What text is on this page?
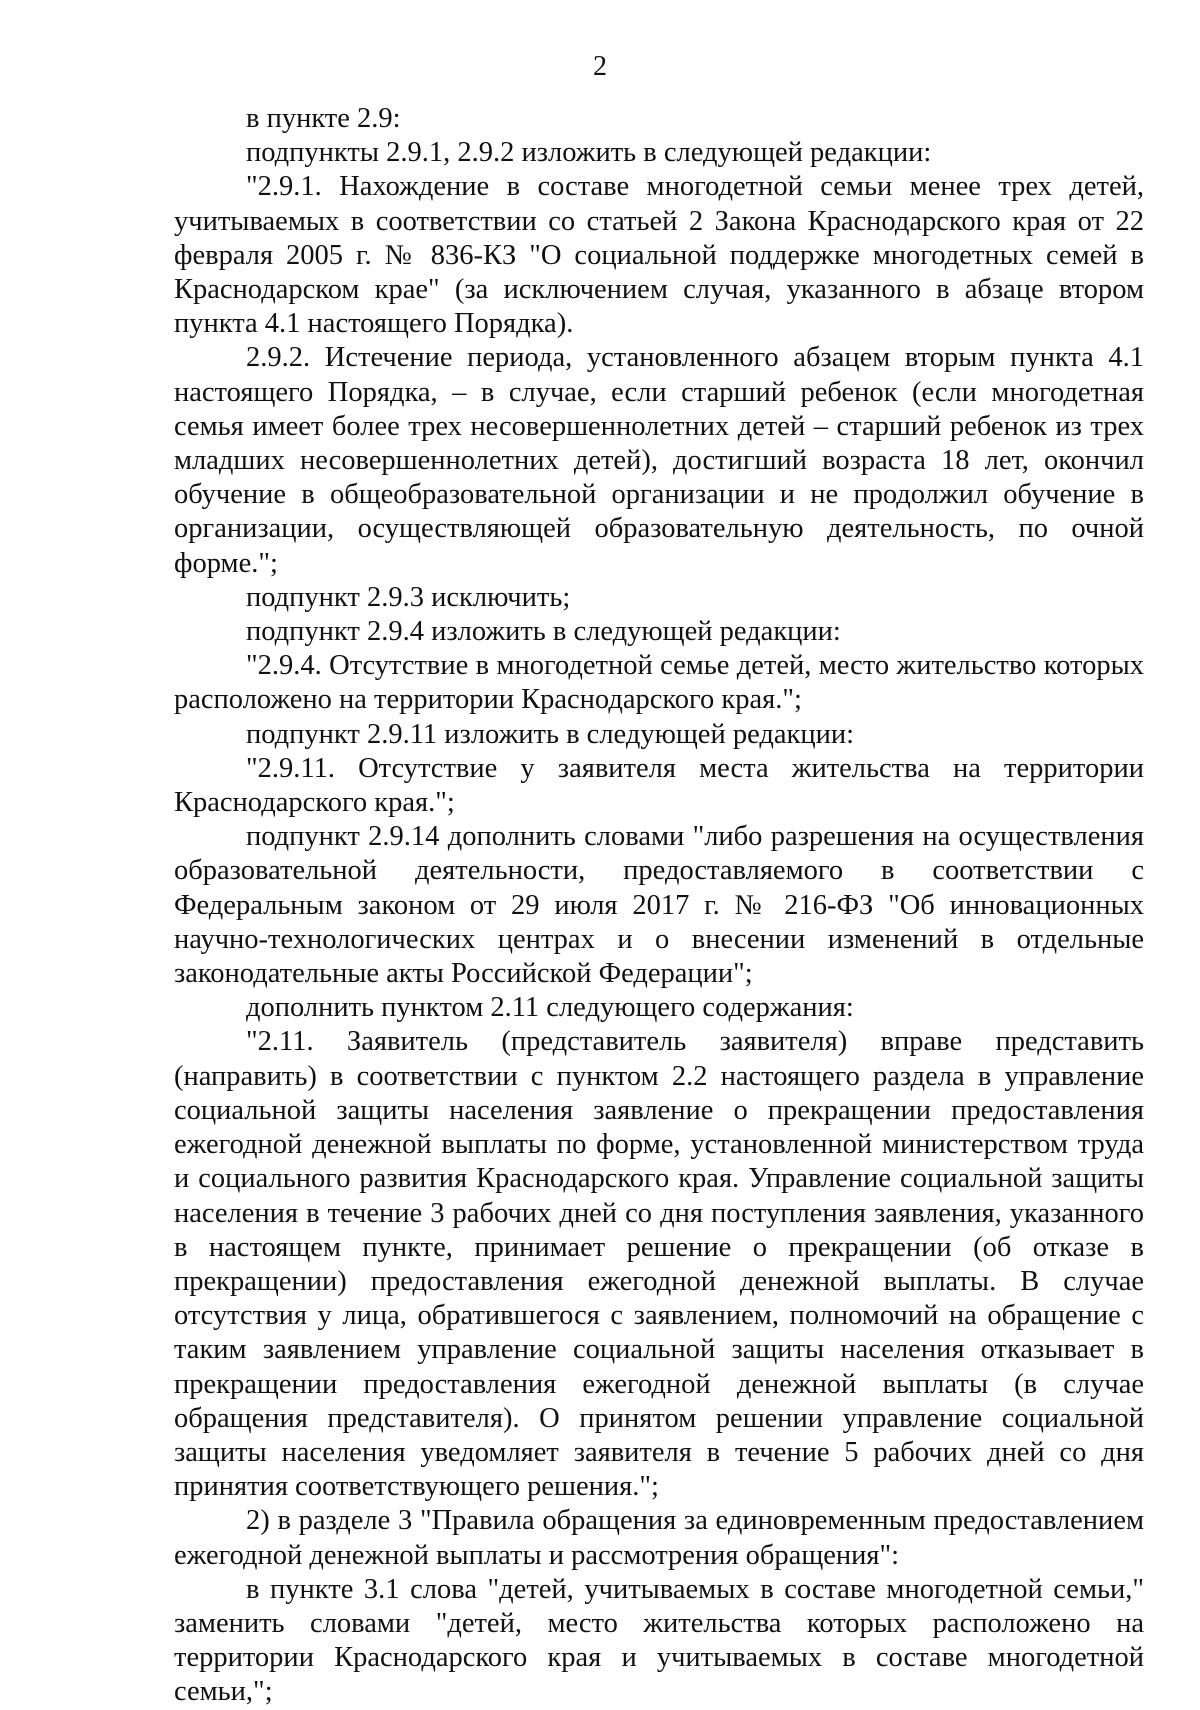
2

в пункте 2.9:

подпункты 2.9.1, 2.9.2 изложить в следующей редакции:

"2.9.1. Нахождение в составе многодетной семьи менее трех детей, учитываемых в соответствии со статьей 2 Закона Краснодарского края от 22 февраля 2005 г. № 836-КЗ "О социальной поддержке многодетных семей в Краснодарском крае" (за исключением случая, указанного в абзаце втором пункта 4.1 настоящего Порядка).

2.9.2. Истечение периода, установленного абзацем вторым пункта 4.1 настоящего Порядка, – в случае, если старший ребенок (если многодетная семья имеет более трех несовершеннолетних детей – старший ребенок из трех младших несовершеннолетних детей), достигший возраста 18 лет, окончил обучение в общеобразовательной организации и не продолжил обучение в организации, осуществляющей образовательную деятельность, по очной форме.";

подпункт 2.9.3 исключить;

подпункт 2.9.4 изложить в следующей редакции:

"2.9.4. Отсутствие в многодетной семье детей, место жительство которых расположено на территории Краснодарского края.";

подпункт 2.9.11 изложить в следующей редакции:

"2.9.11. Отсутствие у заявителя места жительства на территории Краснодарского края.";

подпункт 2.9.14 дополнить словами "либо разрешения на осуществления образовательной деятельности, предоставляемого в соответствии с Федеральным законом от 29 июля 2017 г. № 216-ФЗ "Об инновационных научно-технологических центрах и о внесении изменений в отдельные законодательные акты Российской Федерации";

дополнить пунктом 2.11 следующего содержания:

"2.11. Заявитель (представитель заявителя) вправе представить (направить) в соответствии с пунктом 2.2 настоящего раздела в управление социальной защиты населения заявление о прекращении предоставления ежегодной денежной выплаты по форме, установленной министерством труда и социального развития Краснодарского края. Управление социальной защиты населения в течение 3 рабочих дней со дня поступления заявления, указанного в настоящем пункте, принимает решение о прекращении (об отказе в прекращении) предоставления ежегодной денежной выплаты. В случае отсутствия у лица, обратившегося с заявлением, полномочий на обращение с таким заявлением управление социальной защиты населения отказывает в прекращении предоставления ежегодной денежной выплаты (в случае обращения представителя). О принятом решении управление социальной защиты населения уведомляет заявителя в течение 5 рабочих дней со дня принятия соответствующего решения.";

2) в разделе 3 "Правила обращения за единовременным предоставлением ежегодной денежной выплаты и рассмотрения обращения":

в пункте 3.1 слова "детей, учитываемых в составе многодетной семьи," заменить словами "детей, место жительства которых расположено на территории Краснодарского края и учитываемых в составе многодетной семьи,";
